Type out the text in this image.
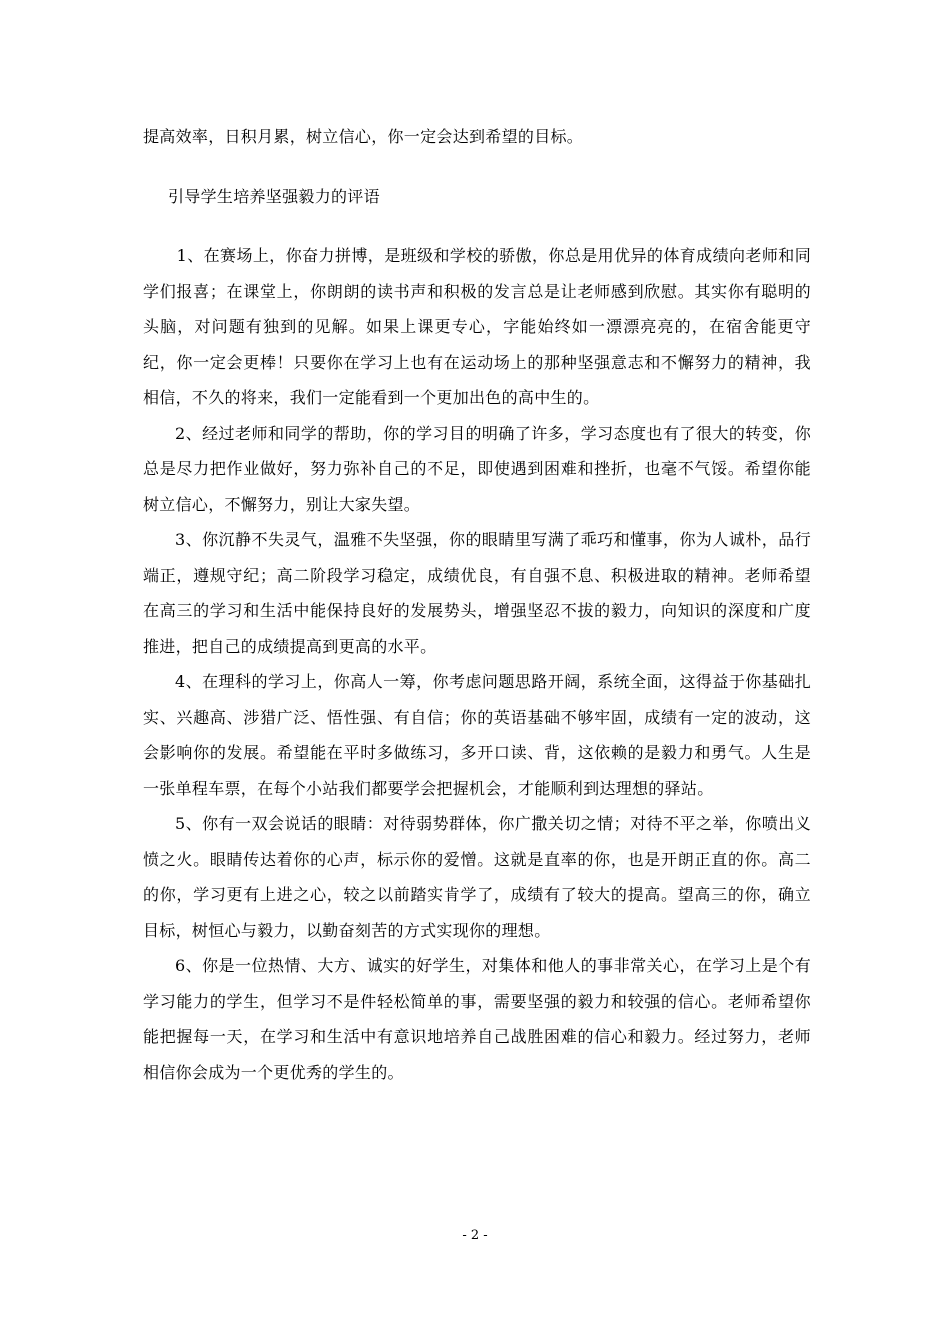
提高效率，日积月累，树立信心，你一定会达到希望的目标。
引导学生培养坚强毅力的评语

1、在赛场上，你奋力拼博，是班级和学校的骄傲，你总是用优异的体育成绩向老师和同学们报喜；在课堂上，你朗朗的读书声和积极的发言总是让老师感到欣慰。其实你有聪明的头脑，对问题有独到的见解。如果上课更专心，字能始终如一漂漂亮亮的，在宿舍能更守纪，你一定会更棒！只要你在学习上也有在运动场上的那种坚强意志和不懈努力的精神，我相信，不久的将来，我们一定能看到一个更加出色的高中生的。

2、经过老师和同学的帮助，你的学习目的明确了许多，学习态度也有了很大的转变，你总是尽力把作业做好，努力弥补自己的不足，即使遇到困难和挫折，也毫不气馁。希望你能树立信心，不懈努力，别让大家失望。

3、你沉静不失灵气，温雅不失坚强，你的眼睛里写满了乖巧和懂事，你为人诚朴，品行端正，遵规守纪；高二阶段学习稳定，成绩优良，有自强不息、积极进取的精神。老师希望在高三的学习和生活中能保持良好的发展势头，增强坚忍不拔的毅力，向知识的深度和广度推进，把自己的成绩提高到更高的水平。

4、在理科的学习上，你高人一筹，你考虑问题思路开阔，系统全面，这得益于你基础扎实、兴趣高、涉猎广泛、悟性强、有自信；你的英语基础不够牢固，成绩有一定的波动，这会影响你的发展。希望能在平时多做练习，多开口读、背，这依赖的是毅力和勇气。人生是一张单程车票，在每个小站我们都要学会把握机会，才能顺利到达理想的驿站。

5、你有一双会说话的眼睛：对待弱势群体，你广撒关切之情；对待不平之举，你喷出义愤之火。眼睛传达着你的心声，标示你的爱憎。这就是直率的你，也是开朗正直的你。高二的你，学习更有上进之心，较之以前踏实肯学了，成绩有了较大的提高。望高三的你，确立目标，树恒心与毅力，以勤奋刻苦的方式实现你的理想。

6、你是一位热情、大方、诚实的好学生，对集体和他人的事非常关心，在学习上是个有学习能力的学生，但学习不是件轻松简单的事，需要坚强的毅力和较强的信心。老师希望你能把握每一天，在学习和生活中有意识地培养自己战胜困难的信心和毅力。经过努力，老师相信你会成为一个更优秀的学生的。

- 2 -
